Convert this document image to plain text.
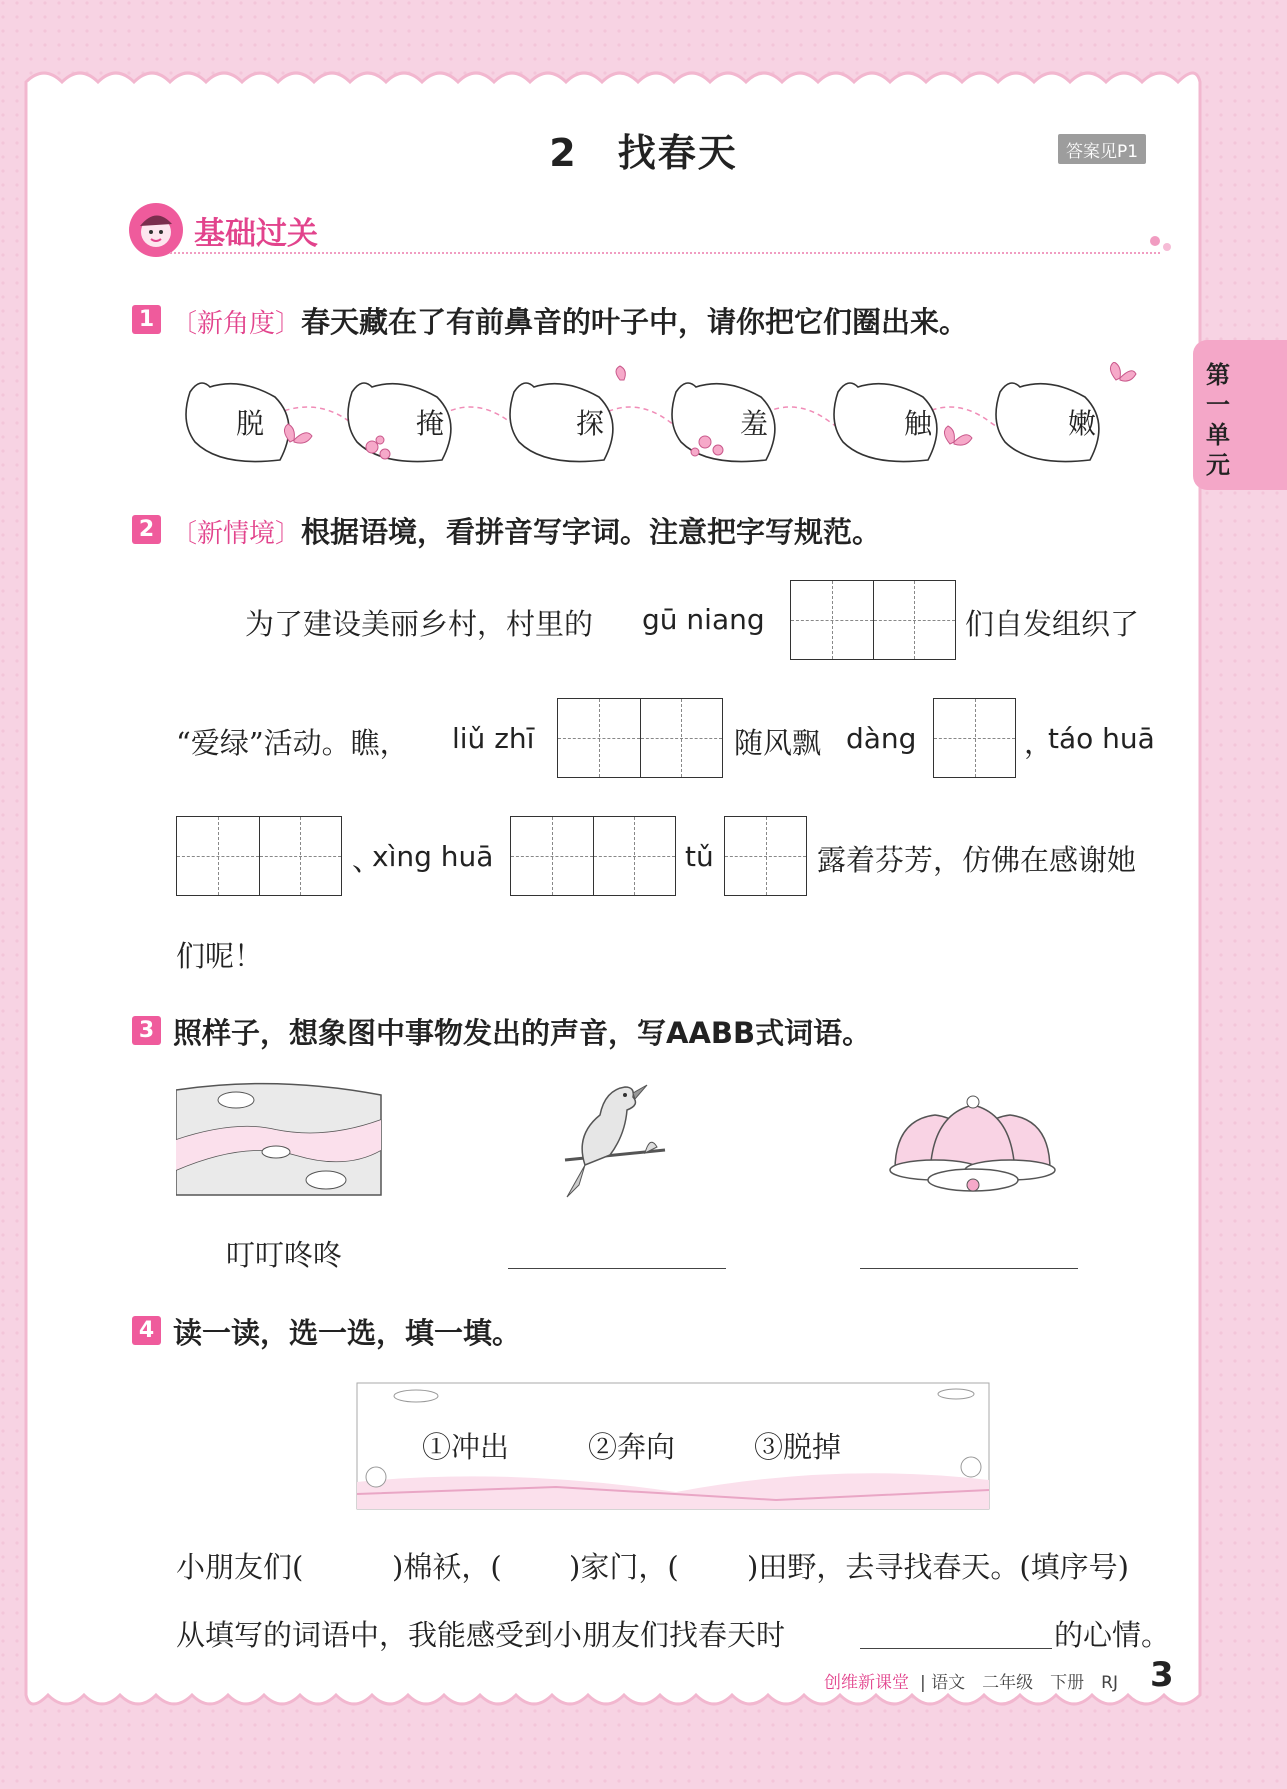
第一单元
2　找春天	答案见P1
基础过关
1 〔新角度〕春天藏在了有前鼻音的叶子中，请你把它们圈出来。
脱	掩	探	羞	触	嫩
2 〔新情境〕根据语境，看拼音写字词。注意把字写规范。
为了建设美丽乡村，村里的 gū niang	们自发组织了
“爱绿”活动。瞧， liǔ zhī	随风飘 dàng	，
táo huā
、
xìng huā	tǔ	露着芬芳，仿佛在感谢她
们呢！
3 照样子，想象图中事物发出的声音，写AABB式词语。
叮叮咚咚
4 读一读，选一选，填一填。
①冲出	②奔向	③脱掉
小朋友们(	)棉袄，( )家门，( )田野，去寻找春天。(填序号)
从填写的词语中，我能感受到小朋友们找春天时	的心情。
创维新课堂 | 语文　二年级　下册　RJ 3
